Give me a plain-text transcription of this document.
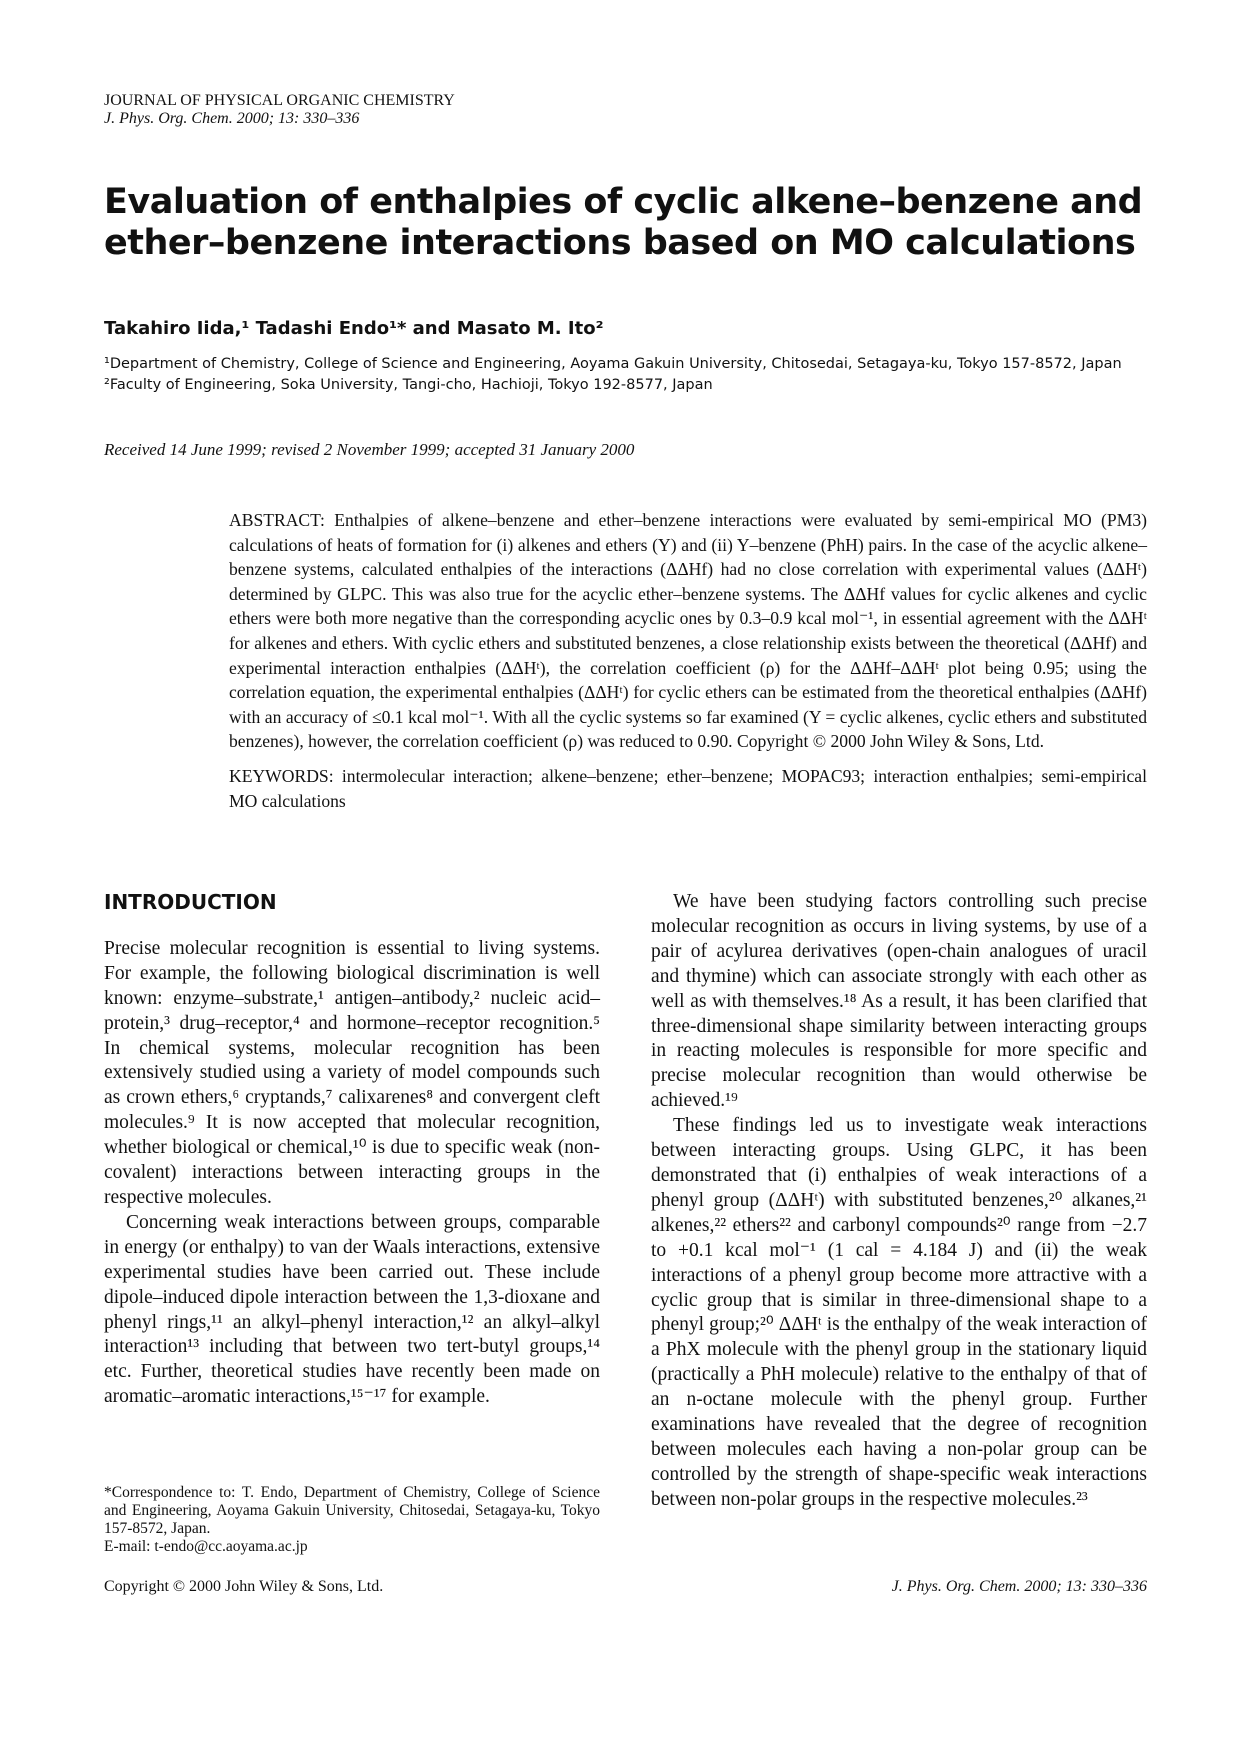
JOURNAL OF PHYSICAL ORGANIC CHEMISTRY
J. Phys. Org. Chem. 2000; 13: 330–336
Evaluation of enthalpies of cyclic alkene–benzene and ether–benzene interactions based on MO calculations
Takahiro Iida,¹ Tadashi Endo¹* and Masato M. Ito²
¹Department of Chemistry, College of Science and Engineering, Aoyama Gakuin University, Chitosedai, Setagaya-ku, Tokyo 157-8572, Japan
²Faculty of Engineering, Soka University, Tangi-cho, Hachioji, Tokyo 192-8577, Japan
Received 14 June 1999; revised 2 November 1999; accepted 31 January 2000

ABSTRACT: Enthalpies of alkene–benzene and ether–benzene interactions were evaluated by semi-empirical MO (PM3) calculations of heats of formation for (i) alkenes and ethers (Y) and (ii) Y–benzene (PhH) pairs. In the case of the acyclic alkene–benzene systems, calculated enthalpies of the interactions (ΔΔHf) had no close correlation with experimental values (ΔΔHᵗ) determined by GLPC. This was also true for the acyclic ether–benzene systems. The ΔΔHf values for cyclic alkenes and cyclic ethers were both more negative than the corresponding acyclic ones by 0.3–0.9 kcal mol⁻¹, in essential agreement with the ΔΔHᵗ for alkenes and ethers. With cyclic ethers and substituted benzenes, a close relationship exists between the theoretical (ΔΔHf) and experimental interaction enthalpies (ΔΔHᵗ), the correlation coefficient (ρ) for the ΔΔHf–ΔΔHᵗ plot being 0.95; using the correlation equation, the experimental enthalpies (ΔΔHᵗ) for cyclic ethers can be estimated from the theoretical enthalpies (ΔΔHf) with an accuracy of ≤0.1 kcal mol⁻¹. With all the cyclic systems so far examined (Y = cyclic alkenes, cyclic ethers and substituted benzenes), however, the correlation coefficient (ρ) was reduced to 0.90. Copyright © 2000 John Wiley & Sons, Ltd.

KEYWORDS: intermolecular interaction; alkene–benzene; ether–benzene; MOPAC93; interaction enthalpies; semi-empirical MO calculations

INTRODUCTION

Precise molecular recognition is essential to living systems. For example, the following biological discrimination is well known: enzyme–substrate,¹ antigen–antibody,² nucleic acid–protein,³ drug–receptor,⁴ and hormone–receptor recognition.⁵ In chemical systems, molecular recognition has been extensively studied using a variety of model compounds such as crown ethers,⁶ cryptands,⁷ calixarenes⁸ and convergent cleft molecules.⁹ It is now accepted that molecular recognition, whether biological or chemical,¹⁰ is due to specific weak (non-covalent) interactions between interacting groups in the respective molecules.

Concerning weak interactions between groups, comparable in energy (or enthalpy) to van der Waals interactions, extensive experimental studies have been carried out. These include dipole–induced dipole interaction between the 1,3-dioxane and phenyl rings,¹¹ an alkyl–phenyl interaction,¹² an alkyl–alkyl interaction¹³ including that between two tert-butyl groups,¹⁴ etc. Further, theoretical studies have recently been made on aromatic–aromatic interactions,¹⁵⁻¹⁷ for example.

We have been studying factors controlling such precise molecular recognition as occurs in living systems, by use of a pair of acylurea derivatives (open-chain analogues of uracil and thymine) which can associate strongly with each other as well as with themselves.¹⁸ As a result, it has been clarified that three-dimensional shape similarity between interacting groups in reacting molecules is responsible for more specific and precise molecular recognition than would otherwise be achieved.¹⁹

These findings led us to investigate weak interactions between interacting groups. Using GLPC, it has been demonstrated that (i) enthalpies of weak interactions of a phenyl group (ΔΔHᵗ) with substituted benzenes,²⁰ alkanes,²¹ alkenes,²² ethers²² and carbonyl compounds²⁰ range from −2.7 to +0.1 kcal mol⁻¹ (1 cal = 4.184 J) and (ii) the weak interactions of a phenyl group become more attractive with a cyclic group that is similar in three-dimensional shape to a phenyl group;²⁰ ΔΔHᵗ is the enthalpy of the weak interaction of a PhX molecule with the phenyl group in the stationary liquid (practically a PhH molecule) relative to the enthalpy of that of an n-octane molecule with the phenyl group. Further examinations have revealed that the degree of recognition between molecules each having a non-polar group can be controlled by the strength of shape-specific weak interactions between non-polar groups in the respective molecules.²³

*Correspondence to: T. Endo, Department of Chemistry, College of Science and Engineering, Aoyama Gakuin University, Chitosedai, Setagaya-ku, Tokyo 157-8572, Japan.
E-mail: t-endo@cc.aoyama.ac.jp
Copyright © 2000 John Wiley & Sons, Ltd.	J. Phys. Org. Chem. 2000; 13: 330–336
